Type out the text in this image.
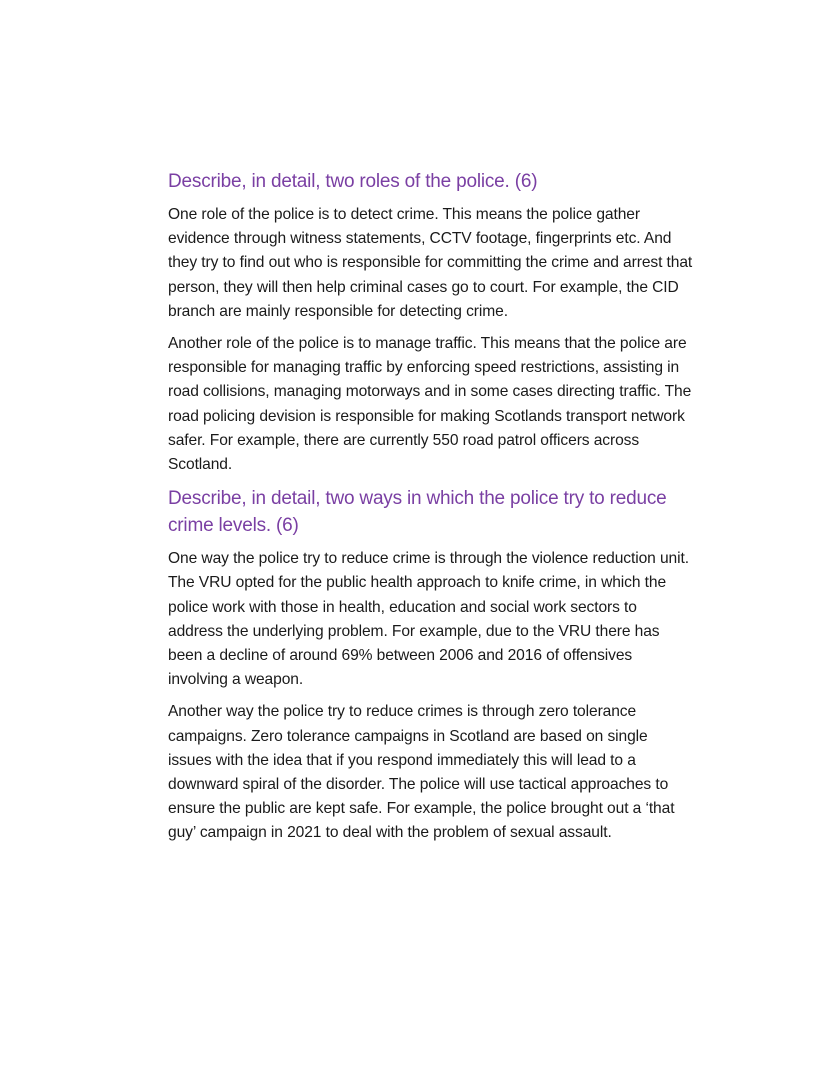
Describe, in detail, two roles of the police. (6)

One role of the police is to detect crime. This means the police gather evidence through witness statements, CCTV footage, fingerprints etc. And they try to find out who is responsible for committing the crime and arrest that person, they will then help criminal cases go to court. For example, the CID branch are mainly responsible for detecting crime.

Another role of the police is to manage traffic. This means that the police are responsible for managing traffic by enforcing speed restrictions, assisting in road collisions, managing motorways and in some cases directing traffic. The road policing devision is responsible for making Scotlands transport network safer. For example, there are currently 550 road patrol officers across Scotland.

Describe, in detail, two ways in which the police try to reduce crime levels. (6)

One way the police try to reduce crime is through the violence reduction unit. The VRU opted for the public health approach to knife crime, in which the police work with those in health, education and social work sectors to address the underlying problem. For example, due to the VRU there has been a decline of around 69% between 2006 and 2016 of offensives involving a weapon.

Another way the police try to reduce crimes is through zero tolerance campaigns. Zero tolerance campaigns in Scotland are based on single issues with the idea that if you respond immediately this will lead to a downward spiral of the disorder. The police will use tactical approaches to ensure the public are kept safe. For example, the police brought out a ‘that guy’ campaign in 2021 to deal with the problem of sexual assault.
